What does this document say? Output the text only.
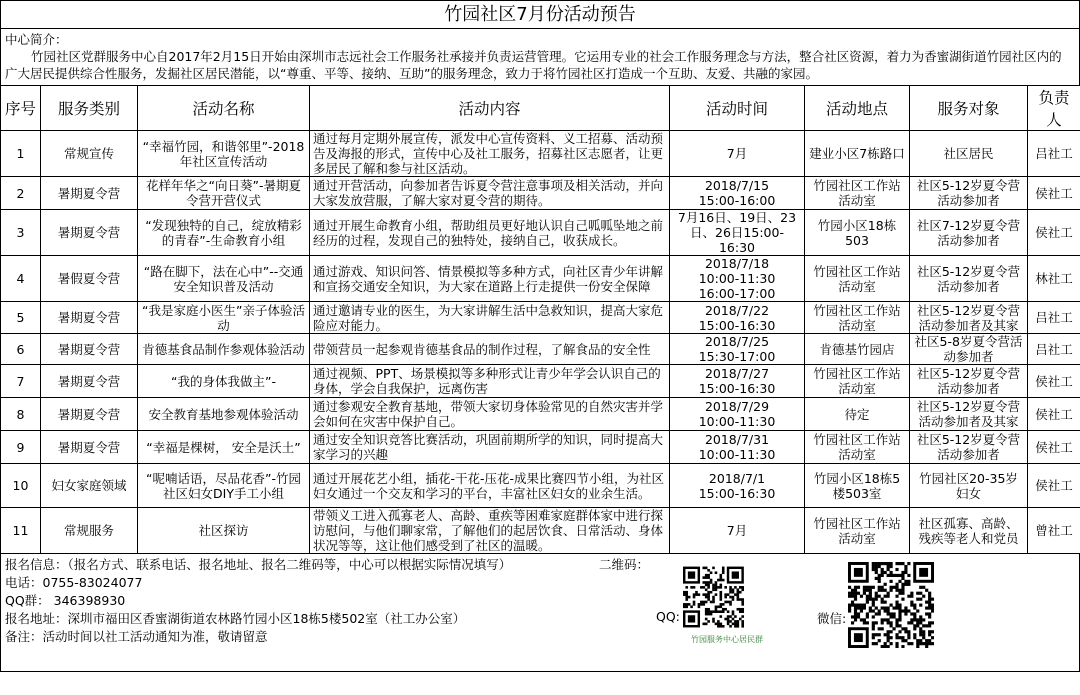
竹园社区7月份活动预告
中心简介：
竹园社区党群服务中心自2017年2月15日开始由深圳市志远社会工作服务社承接并负责运营管理。它运用专业的社会工作服务理念与方法，整合社区资源，着力为香蜜湖街道竹园社区内的广大居民提供综合性服务，发掘社区居民潜能，以“尊重、平等、接纳、互助”的服务理念，致力于将竹园社区打造成一个互助、友爱、共融的家园。
序号	服务类别	活动名称	活动内容	活动时间	活动地点	服务对象	负责人
1	常规宣传	“幸福竹园，和谐邻里”-2018年社区宣传活动	通过每月定期外展宣传，派发中心宣传资料、义工招募、活动预告及海报的形式，宣传中心及社工服务，招募社区志愿者，让更多居民了解和参与社区活动。	7月	建业小区7栋路口	社区居民	吕社工
2	暑期夏令营	花样年华之“向日葵”-暑期夏令营开营仪式	通过开营活动，向参加者告诉夏令营注意事项及相关活动，并向大家发放营服，了解大家对夏令营的期待。	2018/7/15
15:00-16:00	竹园社区工作站活动室	社区5-12岁夏令营活动参加者	侯社工
3	暑期夏令营	“发现独特的自己，绽放精彩的青春”-生命教育小组	通过开展生命教育小组，帮助组员更好地认识自己呱呱坠地之前经历的过程，发现自己的独特处，接纳自己，收获成长。	7月16日、19日、23日、26日15:00-16:30	竹园小区18栋503	社区7-12岁夏令营活动参加者	侯社工
4	暑假夏令营	“路在脚下，法在心中”--交通安全知识普及活动	通过游戏、知识问答、情景模拟等多种方式，向社区青少年讲解和宣扬交通安全知识，为大家在道路上行走提供一份安全保障	2018/7/18
10:00-11:30
16:00-17:00	竹园社区工作站活动室	社区5-12岁夏令营活动参加者	林社工
5	暑期夏令营	“我是家庭小医生”亲子体验活动	通过邀请专业的医生，为大家讲解生活中急救知识，提高大家危险应对能力。	2018/7/22
15:00-16:30	竹园社区工作站活动室	社区5-12岁夏令营活动参加者及其家	吕社工
6	暑期夏令营	肯德基食品制作参观体验活动	带领营员一起参观肯德基食品的制作过程，了解食品的安全性	2018/7/25
15:30-17:00	肯德基竹园店	社区5-8岁夏令营活动参加者	吕社工
7	暑期夏令营	“我的身体我做主”-	通过视频、PPT、场景模拟等多种形式让青少年学会认识自己的身体，学会自我保护，远离伤害	2018/7/27
15:00-16:30	竹园社区工作站活动室	社区5-12岁夏令营活动参加者	侯社工
8	暑期夏令营	安全教育基地参观体验活动	通过参观安全教育基地，带领大家切身体验常见的自然灾害并学会如何在灾害中保护自己。	2018/7/29
10:00-11:30	待定	社区5-12岁夏令营活动参加者及其家	侯社工
9	暑期夏令营	“幸福是棵树， 安全是沃土”	通过安全知识竞答比赛活动，巩固前期所学的知识，同时提高大家学习的兴趣	2018/7/31
10:00-11:30	竹园社区工作站活动室	社区5-12岁夏令营活动参加者	侯社工
10	妇女家庭领域	“呢喃话语，尽品花香”-竹园社区妇女DIY手工小组	通过开展花艺小组，插花-干花-压花-成果比赛四节小组，为社区妇女通过一个交友和学习的平台，丰富社区妇女的业余生活。	2018/7/1
15:00-16:30	竹园小区18栋5楼503室	竹园社区20-35岁妇女	侯社工
11	常规服务	社区探访	带领义工进入孤寡老人、高龄、重疾等困难家庭群体家中进行探访慰问，与他们聊家常，了解他们的起居饮食、日常活动、身体状况等等，这让他们感受到了社区的温暖。	7月	竹园社区工作站活动室	社区孤寡、高龄、残疾等老人和党员	曾社工
报名信息：（报名方式、联系电话、报名地址、报名二维码等，中心可以根据实际情况填写）	二维码：
电话：0755-83024077
QQ群： 346398930
报名地址：深圳市福田区香蜜湖街道农林路竹园小区18栋5楼502室（社工办公室）
备注：活动时间以社工活动通知为准，敬请留意
QQ:	微信:
竹园服务中心居民群
